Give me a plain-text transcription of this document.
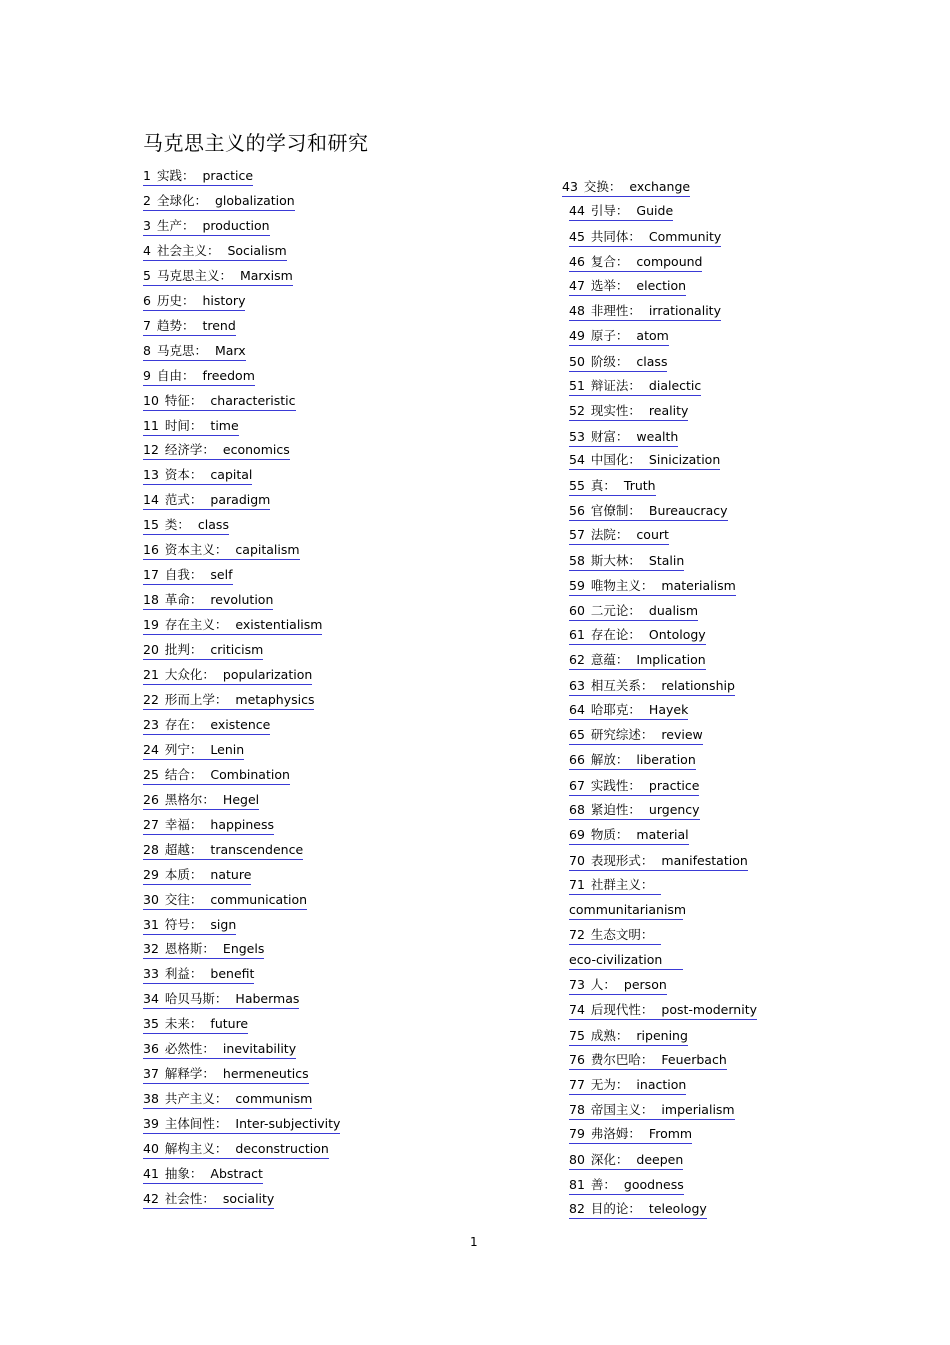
马克思主义的学习和研究
1 实践： practice
2 全球化： globalization
3 生产： production
4 社会主义： Socialism
5 马克思主义： Marxism
6 历史： history
7 趋势： trend
8 马克思： Marx
9 自由： freedom
10 特征： characteristic
11 时间： time
12 经济学： economics
13 资本： capital
14 范式： paradigm
15 类： class
16 资本主义： capitalism
17 自我： self
18 革命： revolution
19 存在主义： existentialism
20 批判： criticism
21 大众化： popularization
22 形而上学： metaphysics
23 存在： existence
24 列宁： Lenin
25 结合： Combination
26 黑格尔： Hegel
27 幸福： happiness
28 超越： transcendence
29 本质： nature
30 交往： communication
31 符号： sign
32 恩格斯： Engels
33 利益： benefit
34 哈贝马斯： Habermas
35 未来： future
36 必然性： inevitability
37 解释学： hermeneutics
38 共产主义： communism
39 主体间性： Inter-subjectivity
40 解构主义： deconstruction
41 抽象： Abstract
42 社会性： sociality
43 交换： exchange
44 引导： Guide
45 共同体： Community
46 复合： compound
47 选举： election
48 非理性： irrationality
49 原子： atom
50 阶级： class
51 辩证法： dialectic
52 现实性： reality
53 财富： wealth
54 中国化： Sinicization
55 真： Truth
56 官僚制： Bureaucracy
57 法院： court
58 斯大林： Stalin
59 唯物主义： materialism
60 二元论： dualism
61 存在论： Ontology
62 意蕴： Implication
63 相互关系： relationship
64 哈耶克： Hayek
65 研究综述： review
66 解放： liberation
67 实践性： practice
68 紧迫性： urgency
69 物质： material
70 表现形式： manifestation
71 社群主义：
communitarianism
72 生态文明：
eco-civilization
73 人： person
74 后现代性： post-modernity
75 成熟： ripening
76 费尔巴哈： Feuerbach
77 无为： inaction
78 帝国主义： imperialism
79 弗洛姆： Fromm
80 深化： deepen
81 善： goodness
82 目的论： teleology
1
